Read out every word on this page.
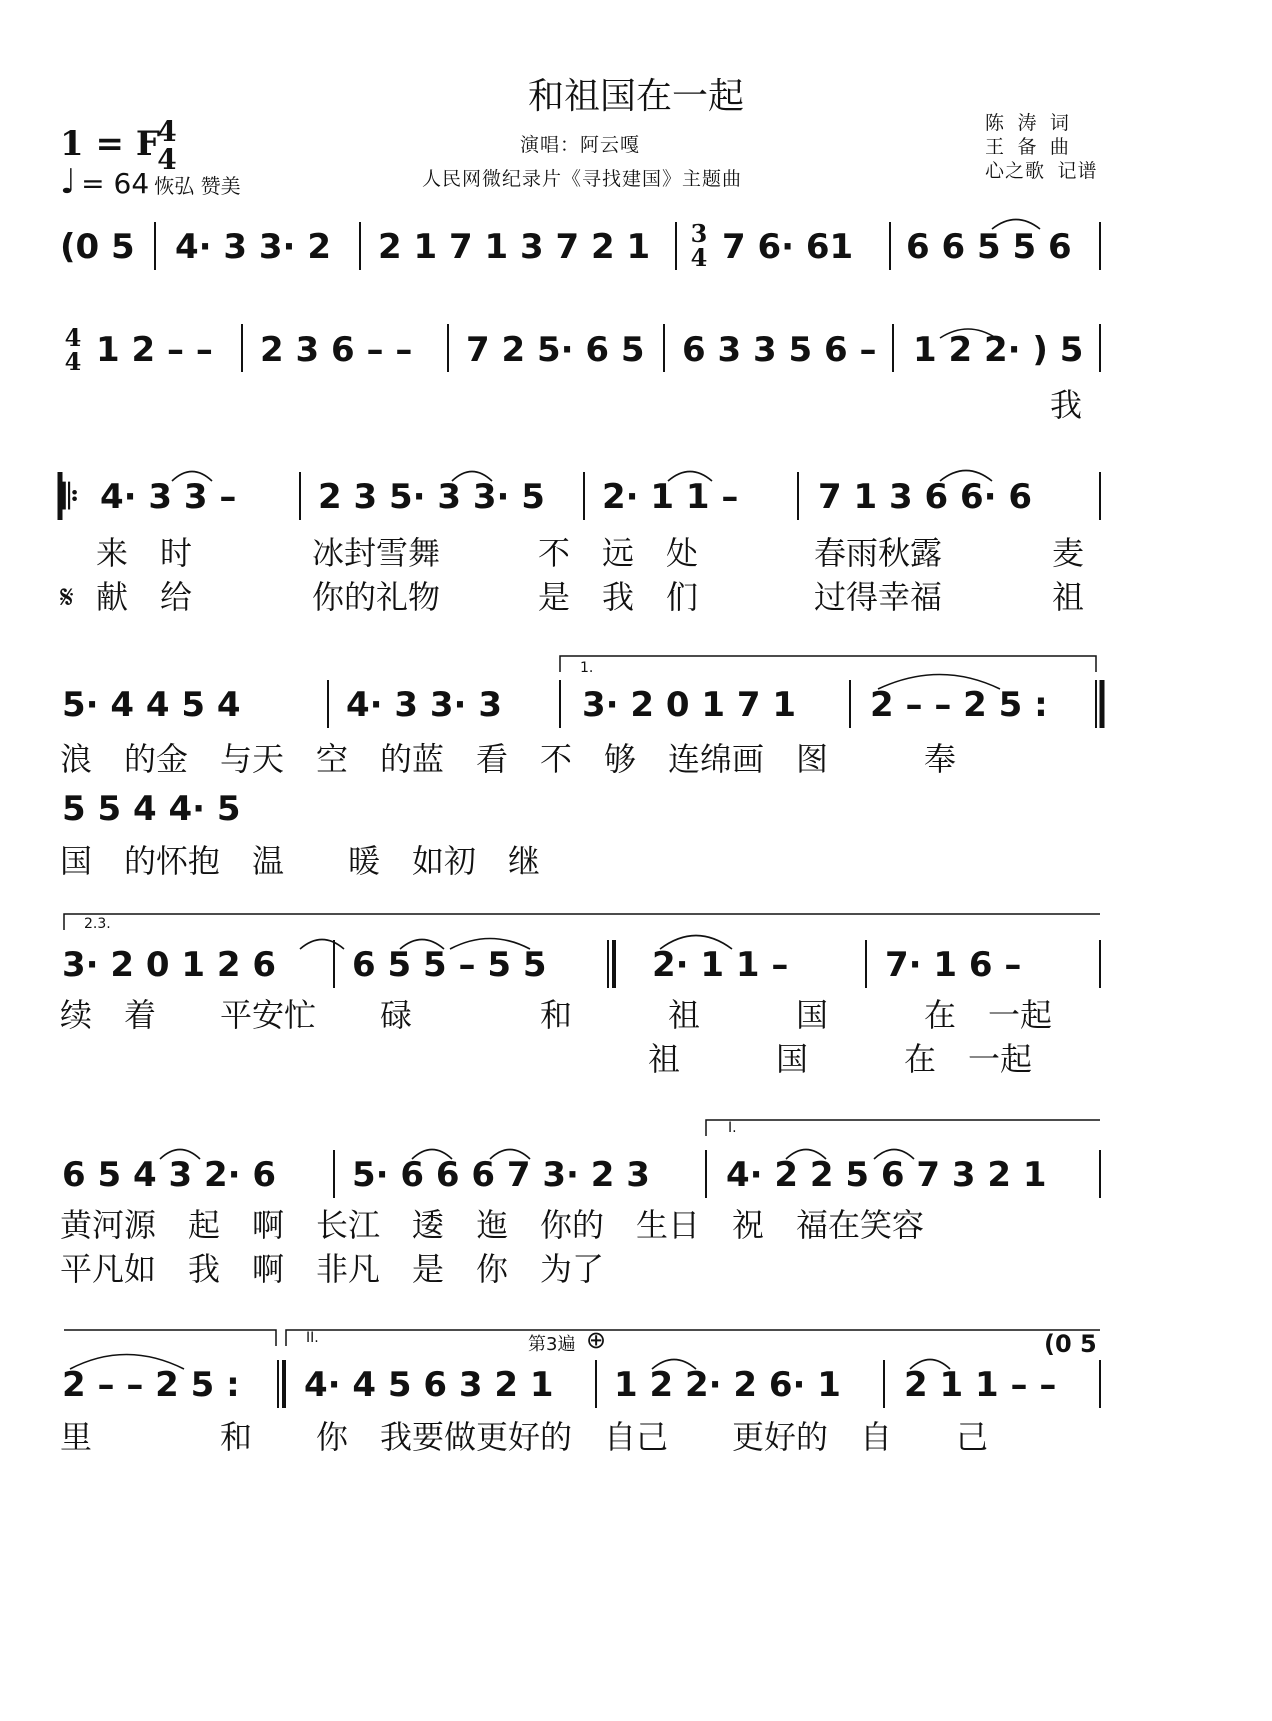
和祖国在一起
1 = F
4
4
♩ = 64 恢弘 赞美
演唱：阿云嘎
人民网微纪录片《寻找建国》主题曲
陈 涛 词
王 备 曲
心之歌 记谱
(0 5 4· 3 3· 2 2 1 7 1 3 7 2 1 3
4 7 6· 61 6 6 5 5 6
4
4 1 2 – – 2 3 6 – – 7 2 5· 6 5 6 3 3 5 6 – 1 2 2· ) 5
我
𝄆 4· 3 3 – 2 3 5· 3 3· 5 2· 1 1 – 7 1 3 6 6· 6
来　时	冰封雪舞	不　远　处	春雨秋露	麦
𝄋 献　给	你的礼物	是　我　们	过得幸福	祖
1.
5· 4 4 5 4	4· 3 3· 3 3· 2 0 1 7 1 2 – – 2 5 :
浪　的金　与天　空　的蓝　看　不　够　连绵画　图　　　奉
5 5 4 4· 5
国　的怀抱　温　　暖　如初　继
2.3.
3· 2 0 1 2 6 6 5 5 – 5 5	2· 1 1 –	7· 1 6 –
续　着　　平安忙　　碌　　　　和　　　祖　　　国　　　在　一起
祖　　　国　　　在　一起
I.
6 5 4 3 2· 6 5· 6 6 6 7 3· 2 3 4· 2 2 5 6 7 3 2 1
黄河源　起　啊　长江　逶　迤　你的　生日　祝　福在笑容
平凡如　我　啊　非凡　是　你　为了
II.	第3遍 ⊕	(0 5
2 – – 2 5 : 4· 4 5 6 3 2 1 1 2 2· 2 6· 1 2 1 1 – –
里　　　　和　　你　我要做更好的　自己　　更好的　自　　己
